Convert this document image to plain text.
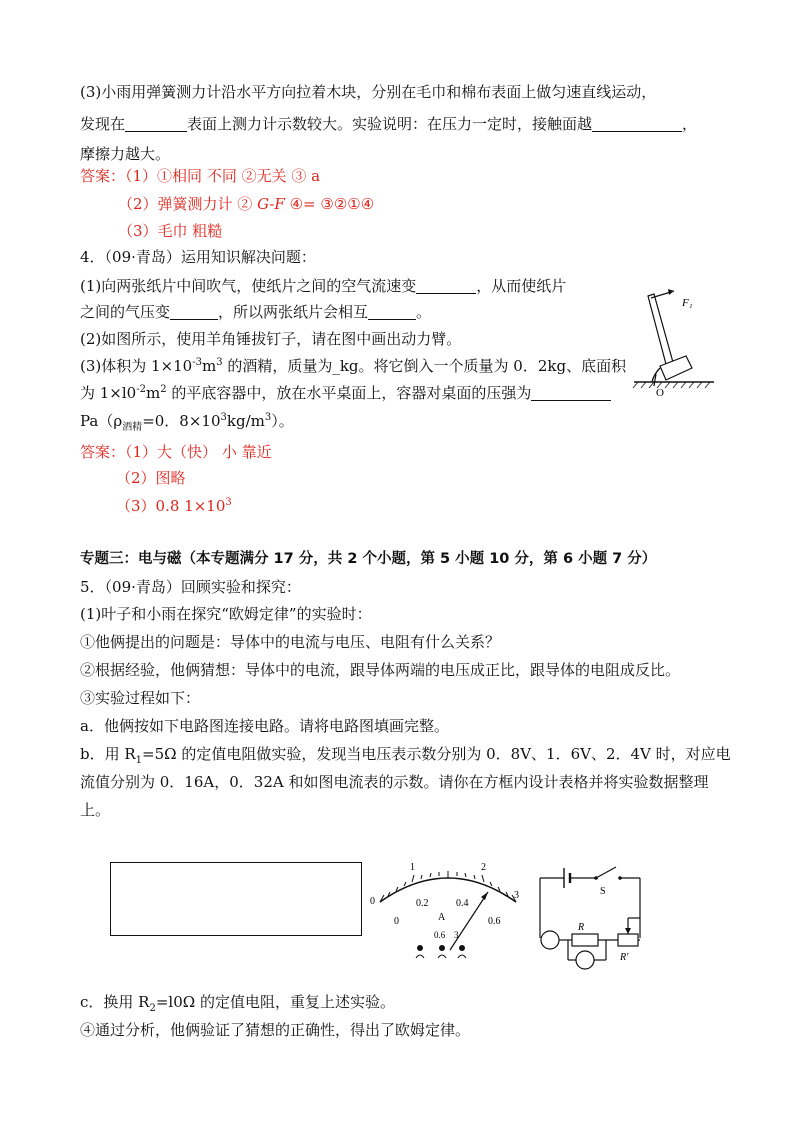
(3)小雨用弹簧测力计沿水平方向拉着木块，分别在毛巾和棉布表面上做匀速直线运动，
发现在	表面上测力计示数较大。实验说明：在压力一定时，接触面越	，
摩擦力越大。
答案：（1）①相同 不同 ②无关 ③ a
（2）弹簧测力计 ② G-F ④= ③②①④
（3）毛巾 粗糙
4．（09·青岛）运用知识解决问题：
(1)向两张纸片中间吹气，使纸片之间的空气流速变	，从而使纸片
之间的气压变	，所以两张纸片会相互	。
(2)如图所示，使用羊角锤拔钉子，请在图中画出动力臂。
(3)体积为 $1\times 10^{-3}m^3$ 的酒精，质量为_kg。将它倒入一个质量为 0．2kg、底面积
为 $1\times l0^{-2}m^2$ 的平底容器中，放在水平桌面上，容器对桌面的压强为
$Pa(\rho_{酒精}=0$．$8\times 10^3kg/m^3$）。
F₁
O
答案：（1）大（快） 小 靠近
（2）图略
（3）0.8 $1\times 10^3$
专题三：电与磁（本专题满分 17 分，共 2 个小题，第 5 小题 10 分，第 6 小题 7 分）
5．（09·青岛）回顾实验和探究：
(1)叶子和小雨在探究“欧姆定律”的实验时：
①他俩提出的问题是：导体中的电流与电压、电阻有什么关系？
②根据经验，他俩猜想：导体中的电流，跟导体两端的电压成正比，跟导体的电阻成反比。
③实验过程如下：
a．他俩按如下电路图连接电路。请将电路图填画完整。
b．用 $R_1=5\Omega$ 的定值电阻做实验，发现当电压表示数分别为 0．8V、1．6V、2．4V 时，对应电
流值分别为 0．16A，0．32A 和如图电流表的示数。请你在方框内设计表格并将实验数据整理
上。
1	2
3
0
0
0.2	0.4
0.6
A
0.6 3
S
R
R'
c．换用 $R_2=l0\Omega$ 的定值电阻，重复上述实验。
④通过分析，他俩验证了猜想的正确性，得出了欧姆定律。
